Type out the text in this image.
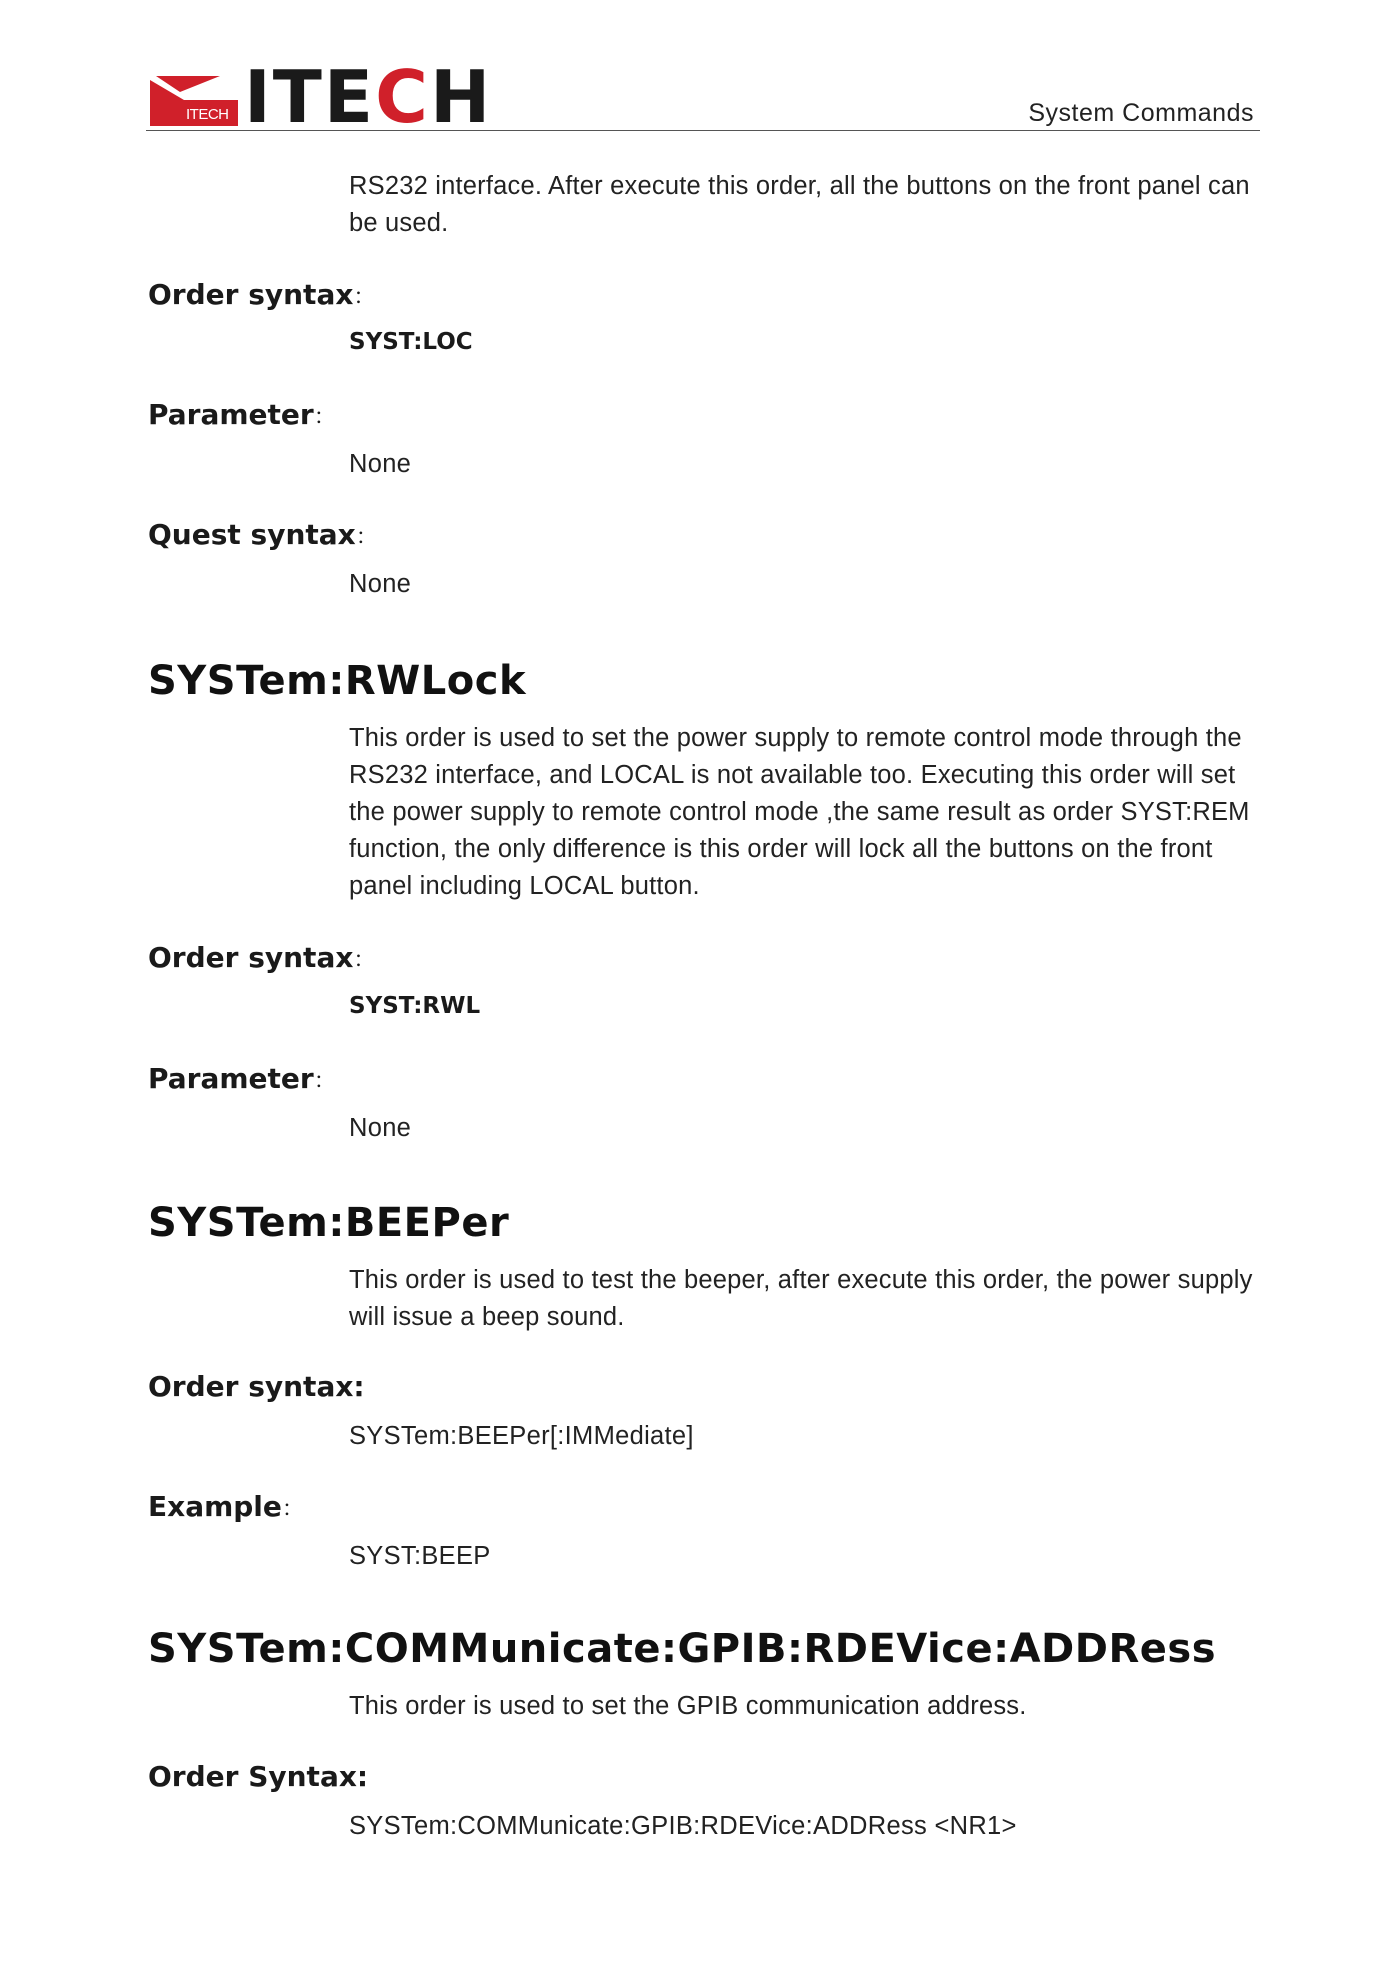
ITECH ITECH	System Commands
RS232 interface. After execute this order, all the buttons on the front panel can be used.
Order syntax：
SYST:LOC
Parameter：
None
Quest syntax：
None
SYSTem:RWLock
This order is used to set the power supply to remote control mode through the RS232 interface, and LOCAL is not available too. Executing this order will set the power supply to remote control mode ,the same result as order SYST:REM function, the only difference is this order will lock all the buttons on the front panel including LOCAL button.
Order syntax：
SYST:RWL
Parameter：
None
SYSTem:BEEPer
This order is used to test the beeper, after execute this order, the power supply will issue a beep sound.
Order syntax:
SYSTem:BEEPer[:IMMediate]
Example：
SYST:BEEP
SYSTem:COMMunicate:GPIB:RDEVice:ADDRess
This order is used to set the GPIB communication address.
Order Syntax:
SYSTem:COMMunicate:GPIB:RDEVice:ADDRess <NR1>
